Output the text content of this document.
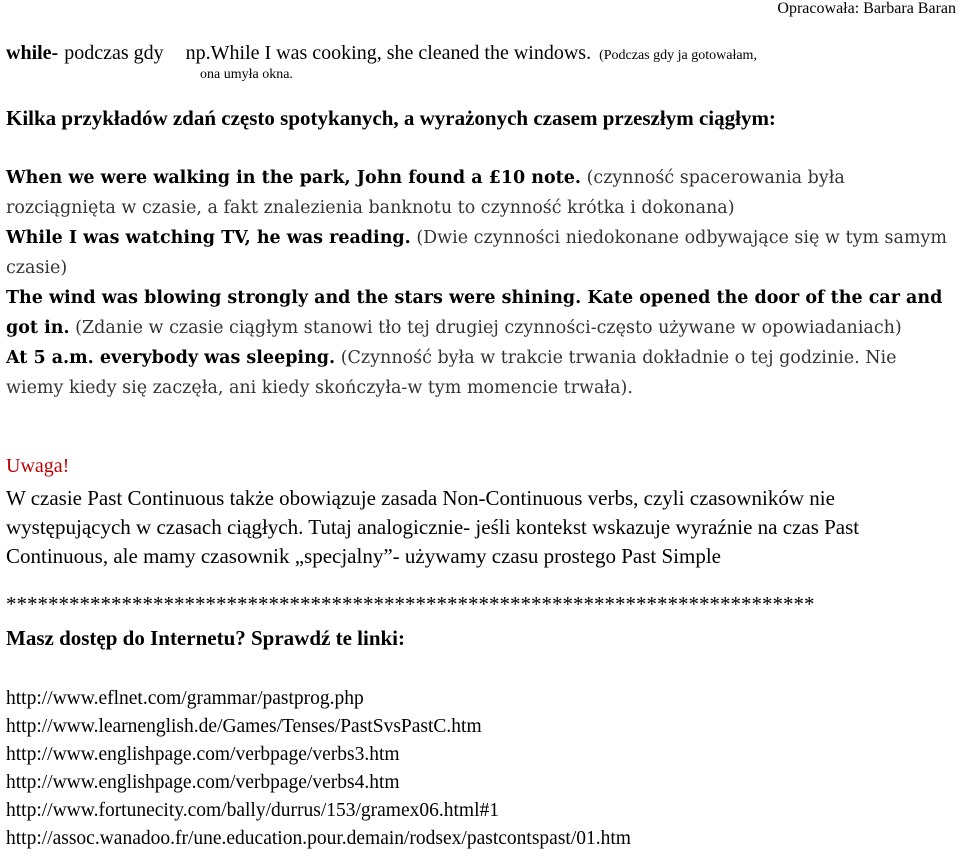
Opracowała: Barbara Baran
while- podczas gdy np.While I was cooking, she cleaned the windows. (Podczas gdy ja gotowałam,
ona umyła okna.
Kilka przykładów zdań często spotykanych, a wyrażonych czasem przeszłym ciągłym:

When we were walking in the park, John found a £10 note. (czynność spacerowania była rozciągnięta w czasie, a fakt znalezienia banknotu to czynność krótka i dokonana)

While I was watching TV, he was reading. (Dwie czynności niedokonane odbywające się w tym samym czasie)

The wind was blowing strongly and the stars were shining. Kate opened the door of the car and got in. (Zdanie w czasie ciągłym stanowi tło tej drugiej czynności-często używane w opowiadaniach)

At 5 a.m. everybody was sleeping. (Czynność była w trakcie trwania dokładnie o tej godzinie. Nie wiemy kiedy się zaczęła, ani kiedy skończyła-w tym momencie trwała).

Uwaga!

W czasie Past Continuous także obowiązuje zasada Non-Continuous verbs, czyli czasowników nie występujących w czasach ciągłych. Tutaj analogicznie- jeśli kontekst wskazuje wyraźnie na czas Past Continuous, ale mamy czasownik „specjalny”- używamy czasu prostego Past Simple

*****************************************************************************
Masz dostęp do Internetu? Sprawdź te linki:
http://www.eflnet.com/grammar/pastprog.php
http://www.learnenglish.de/Games/Tenses/PastSvsPastC.htm
http://www.englishpage.com/verbpage/verbs3.htm
http://www.englishpage.com/verbpage/verbs4.htm
http://www.fortunecity.com/bally/durrus/153/gramex06.html#1
http://assoc.wanadoo.fr/une.education.pour.demain/rodsex/pastcontspast/01.htm
